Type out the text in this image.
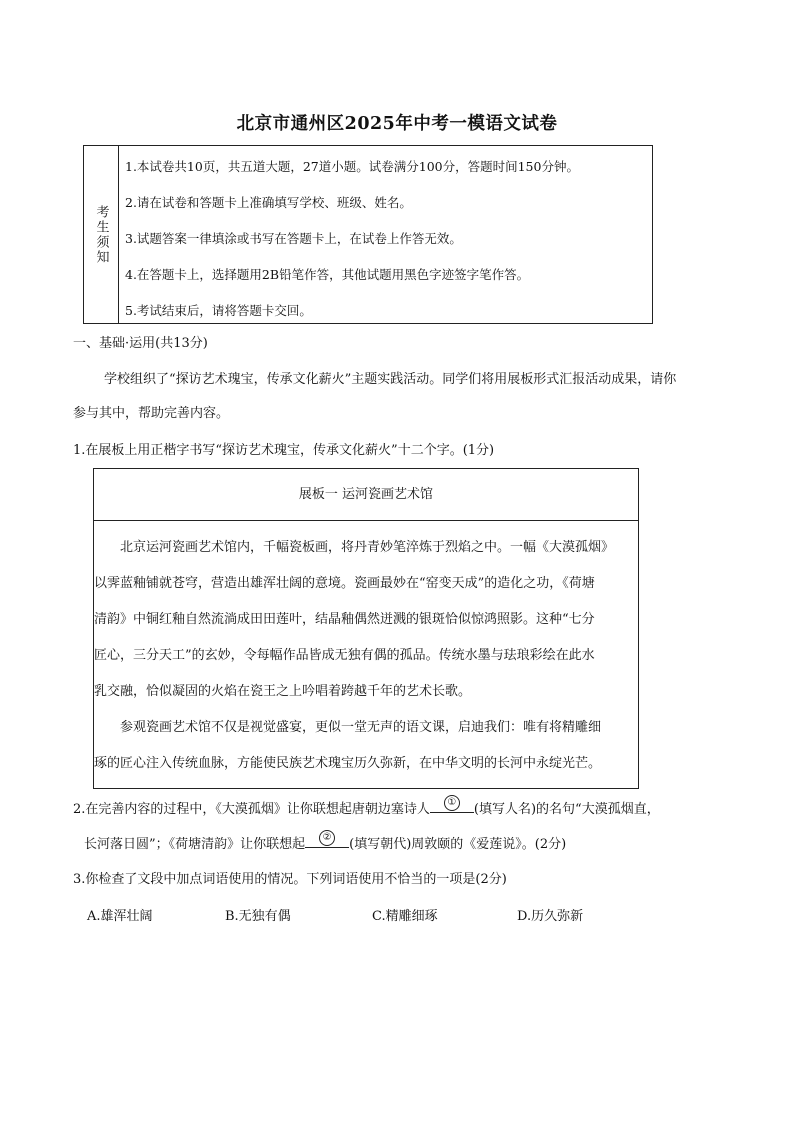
北京市通州区2025年中考一模语文试卷
考生须知
1.本试卷共10页，共五道大题，27道小题。试卷满分100分，答题时间150分钟。
2.请在试卷和答题卡上准确填写学校、班级、姓名。
3.试题答案一律填涂或书写在答题卡上，在试卷上作答无效。
4.在答题卡上，选择题用2B铅笔作答，其他试题用黑色字迹签字笔作答。
5.考试结束后，请将答题卡交回。
一、基础·运用(共13分)
学校组织了“探访艺术瑰宝，传承文化薪火”主题实践活动。同学们将用展板形式汇报活动成果，请你
参与其中，帮助完善内容。
1.在展板上用正楷字书写“探访艺术瑰宝，传承文化薪火”十二个字。(1分)
展板一 运河瓷画艺术馆
北京运河瓷画艺术馆内，千幅瓷板画，将丹青妙笔淬炼于烈焰之中。一幅《大漠孤烟》
以霁蓝釉铺就苍穹，营造出雄浑壮阔的意境。瓷画最妙在“窑变天成”的造化之功，《荷塘
清韵》中铜红釉自然流淌成田田莲叶，结晶釉偶然迸溅的银斑恰似惊鸿照影。这种“七分
匠心，三分天工”的玄妙，令每幅作品皆成无独有偶的孤品。传统水墨与珐琅彩绘在此水
乳交融，恰似凝固的火焰在瓷王之上吟唱着跨越千年的艺术长歌。
参观瓷画艺术馆不仅是视觉盛宴，更似一堂无声的语文课，启迪我们：唯有将精雕细
琢的匠心注入传统血脉，方能使民族艺术瑰宝历久弥新，在中华文明的长河中永绽光芒。
2.在完善内容的过程中，《大漠孤烟》让你联想起唐朝边塞诗人	① (填写人名)的名句“大漠孤烟直，
长河落日圆”；《荷塘清韵》让你联想起	② (填写朝代)周敦颐的《爱莲说》。(2分)
3.你检查了文段中加点词语使用的情况。下列词语使用不恰当的一项是(2分)
A.雄浑壮阔	B.无独有偶	C.精雕细琢	D.历久弥新
